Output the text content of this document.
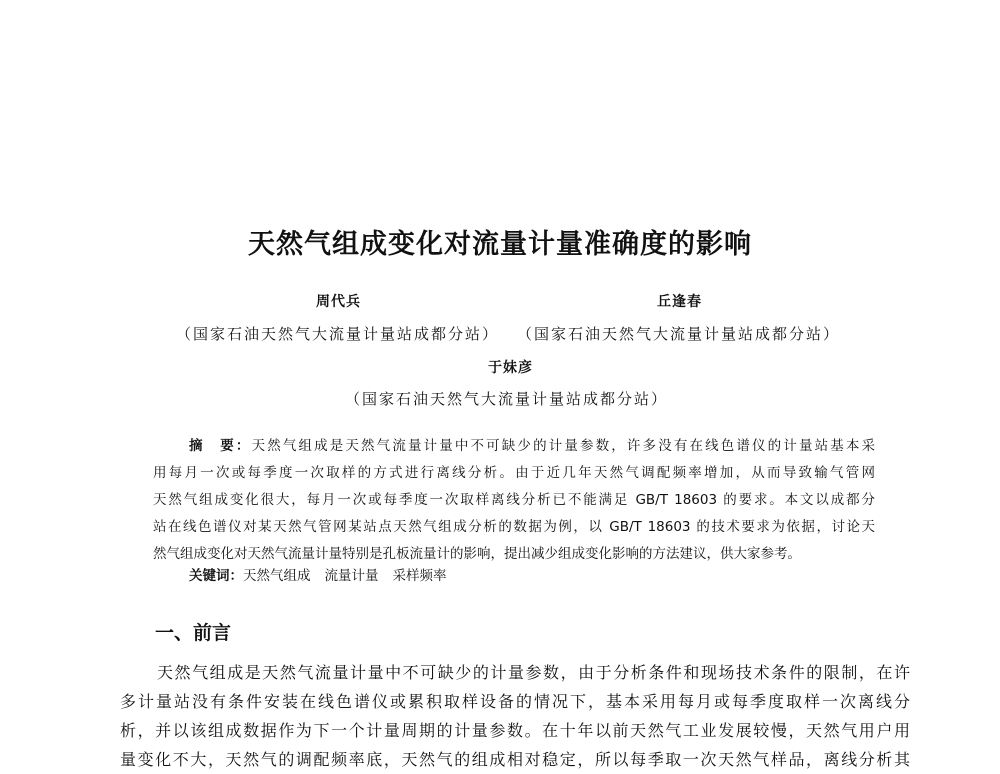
天然气组成变化对流量计量准确度的影响
周代兵	丘逢春
（国家石油天然气大流量计量站成都分站） （国家石油天然气大流量计量站成都分站）
于妹彦
（国家石油天然气大流量计量站成都分站）
摘　要：天然气组成是天然气流量计量中不可缺少的计量参数，许多没有在线色谱仪的计量站基本采
用每月一次或每季度一次取样的方式进行离线分析。由于近几年天然气调配频率增加，从而导致输气管网
天然气组成变化很大，每月一次或每季度一次取样离线分析已不能满足 GB/T 18603 的要求。本文以成都分
站在线色谱仪对某天然气管网某站点天然气组成分析的数据为例，以 GB/T 18603 的技术要求为依据，讨论天
然气组成变化对天然气流量计量特别是孔板流量计的影响，提出减少组成变化影响的方法建议，供大家参考。
关键词：天然气组成 流量计量 采样频率
一、前言
天然气组成是天然气流量计量中不可缺少的计量参数，由于分析条件和现场技术条件的限制，在许
多计量站没有条件安装在线色谱仪或累积取样设备的情况下，基本采用每月或每季度取样一次离线分
析，并以该组成数据作为下一个计量周期的计量参数。在十年以前天然气工业发展较慢，天然气用户用
量变化不大，天然气的调配频率底，天然气的组成相对稳定，所以每季取一次天然气样品，离线分析其
